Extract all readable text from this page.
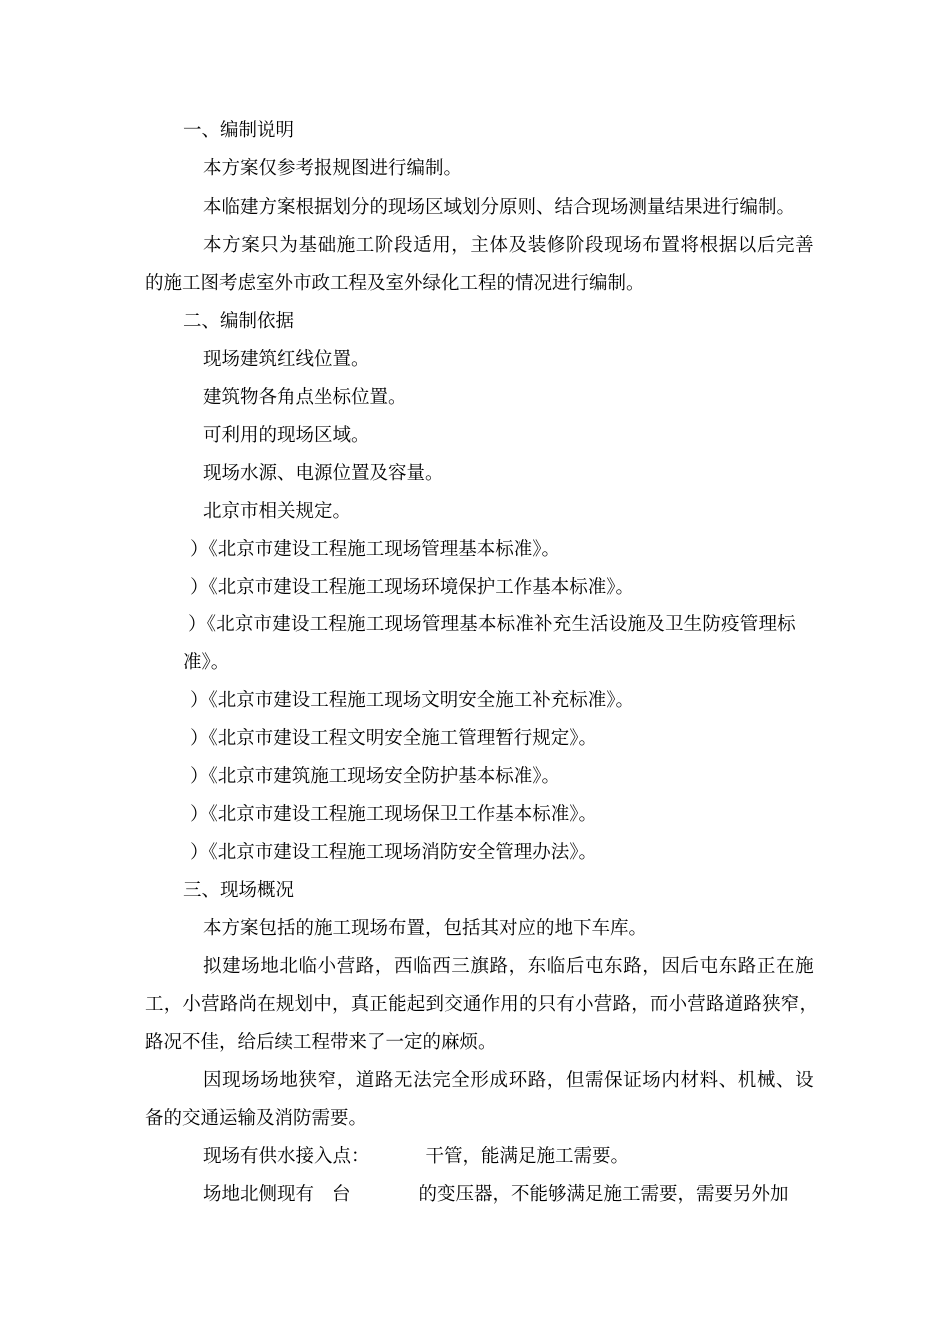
一、编制说明

本方案仅参考报规图进行编制。

本临建方案根据划分的现场区域划分原则、结合现场测量结果进行编制。

本方案只为基础施工阶段适用，主体及装修阶段现场布置将根据以后完善

的施工图考虑室外市政工程及室外绿化工程的情况进行编制。

二、编制依据

现场建筑红线位置。

建筑物各角点坐标位置。

可利用的现场区域。

现场水源、电源位置及容量。

北京市相关规定。

）《北京市建设工程施工现场管理基本标准》。

）《北京市建设工程施工现场环境保护工作基本标准》。

）《北京市建设工程施工现场管理基本标准补充生活设施及卫生防疫管理标

准》。

）《北京市建设工程施工现场文明安全施工补充标准》。

）《北京市建设工程文明安全施工管理暂行规定》。

）《北京市建筑施工现场安全防护基本标准》。

）《北京市建设工程施工现场保卫工作基本标准》。

）《北京市建设工程施工现场消防安全管理办法》。

三、现场概况

本方案包括的施工现场布置，包括其对应的地下车库。

拟建场地北临小营路，西临西三旗路，东临后屯东路，因后屯东路正在施

工，小营路尚在规划中，真正能起到交通作用的只有小营路，而小营路道路狭窄，

路况不佳，给后续工程带来了一定的麻烦。

因现场场地狭窄，道路无法完全形成环路，但需保证场内材料、机械、设

备的交通运输及消防需要。

现场有供水接入点：	干管，能满足施工需要。

场地北侧现有 台	的变压器，不能够满足施工需要，需要另外加
